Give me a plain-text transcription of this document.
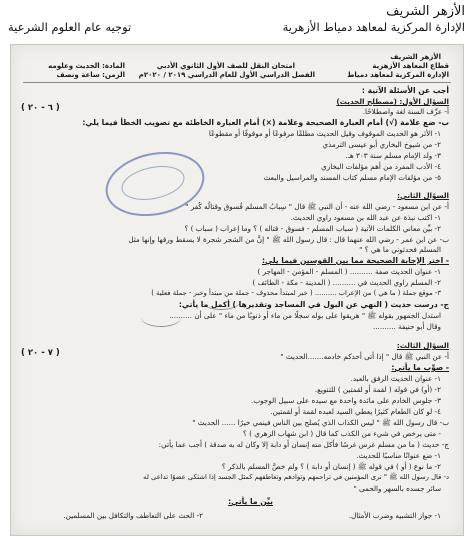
الأزهر الشريف
الإدارة المركزية لمعاهد دمياط الأزهرية
توجيه عام العلوم الشرعية
الأزهر الشريف
قطاع المعاهد الأزهرية
الإدارة المركزية لمعاهد دمياط
امتحان النقل للصف الأول الثانوي الأدبي
الفصل الدراسي الأول للعام الدراسي ٢٠١٩ / ٢٠٢٠م
المادة: الحديث وعلومه
الزمن: ساعة ونصف
أجب عن الأسئلة الآتية :
السؤال الأول: (مصطلح الحديث)
( ٦ - ٢٠ )	أ- عرِّف السنة لغة واصطلاحًا.
ب- ضع علامة (√) أمام العبارة الصحيحة وعلامة (×) أمام العبارة الخاطئة مع تصويب الخطأ فيما يلي:
١- الأثر هو الحديث الموقوف وقيل الحديث مطلقًا مرفوعًا أو موقوفًا أو مقطوعًا
٢- من شيوخ البخاري أبو عيسى الترمذي
٣- ولد الإمام مسلم سنة ٣٠٣ هـ.
٤- الأدب المفرد من أهم مؤلفات البخاري
٥- من مؤلفات الإمام مسلم كتاب المسند والمراسيل والبعث
السؤال الثاني:
أ- عن ابن مسعود - رضي الله عنه - أن النبي ﷺ قال " سِبابُ المسلم فُسوق وقتالُه كُفر "
١- اكتب نبذة عن عبد الله بن مسعود راوي الحديث.
٢- بيِّن معاني الكلمات الآتية ( سباب المسلم - فسوق - قتاله ) ؟ وما إعراب ( سباب ) ؟
ب- عن ابن عمر - رضي الله عنهما قال : قال رسول الله ﷺ " إنَّ من الشجر شجرة لا يسقط ورقها وإنها مثل
المسلم فحدثوني ما هي ؟ "
- اختر الإجابة الصحيحة مما بين القوسين فيما يلي:
١- عنوان الحديث صفة .......... ( المسلم - المؤمن - المهاجر )
٢- المسلم راوي الحديث في .......... ( المدينة - مكة - الطائف )
٣- موقع جملة ( ما هي ) من الإعراب .......... ( خبر لمبتدأ محذوف - جملة من مبتدأ وخبر - جملة فعلية )
ج- درست حديث ( النهي عن البول في المساجد وتقديرها ) أكمل ما يأتي:
استدل الجمهور بقوله ﷺ " هريقوا على بوله سجلًا من ماء أو ذنوبًا من ماء " على أن ..........
وقال أبو حنيفة ..........
السؤال الثالث:
( ٧ - ٢٠ )	أ- عن النبي ﷺ قال " إذا أتى أحدكم خادمه.......الحديث "
- صوِّب ما يأتي:
١- عنوان الحديث الرفق بالعبد.
٢- (أو) في قوله ( لقمة أو لقمتين ) للتنويع.
٣- جلوس الخادم على مائدة واحدة مع سيده على سبيل الوجوب.
٤- لو كان الطعام كثيرًا يعطي السيد لعبده لقمة أو لقمتين.
ب- قال رسول الله ﷺ " ليس الكذاب الذي يُصلح بين الناس فينمي خيرًا ...... الحديث "
- متى يرخص في شيء من الكذب كما قال ( ابن شهاب الزهري ) ؟
ج- حديث ( ما من مسلم غرس غرسًا فأكل منه إنسان أو دابة إلا وكان له به صدقة ) أجب عما يأتي:
١- ضع عنوانًا مناسبًا للحديث.
٢- ما نوع ( أو ) في قوله ﷺ ( إنسان أو دابة ) ؟ ولم خصَّ المسلم بالذكر ؟
د- قال رسول الله ﷺ " ترى المؤمنين في تراحمهم وتوادهم وتعاطفهم كمثل الجسد إذا اشتكى عضوًا تداعى له
سائر جسده بالسهر والحمى "
بيِّن ما يأتي:
١- جواز التشبيه وضرب الأمثال.
٢- الحث على التعاطف والتكافل بين المسلمين.
